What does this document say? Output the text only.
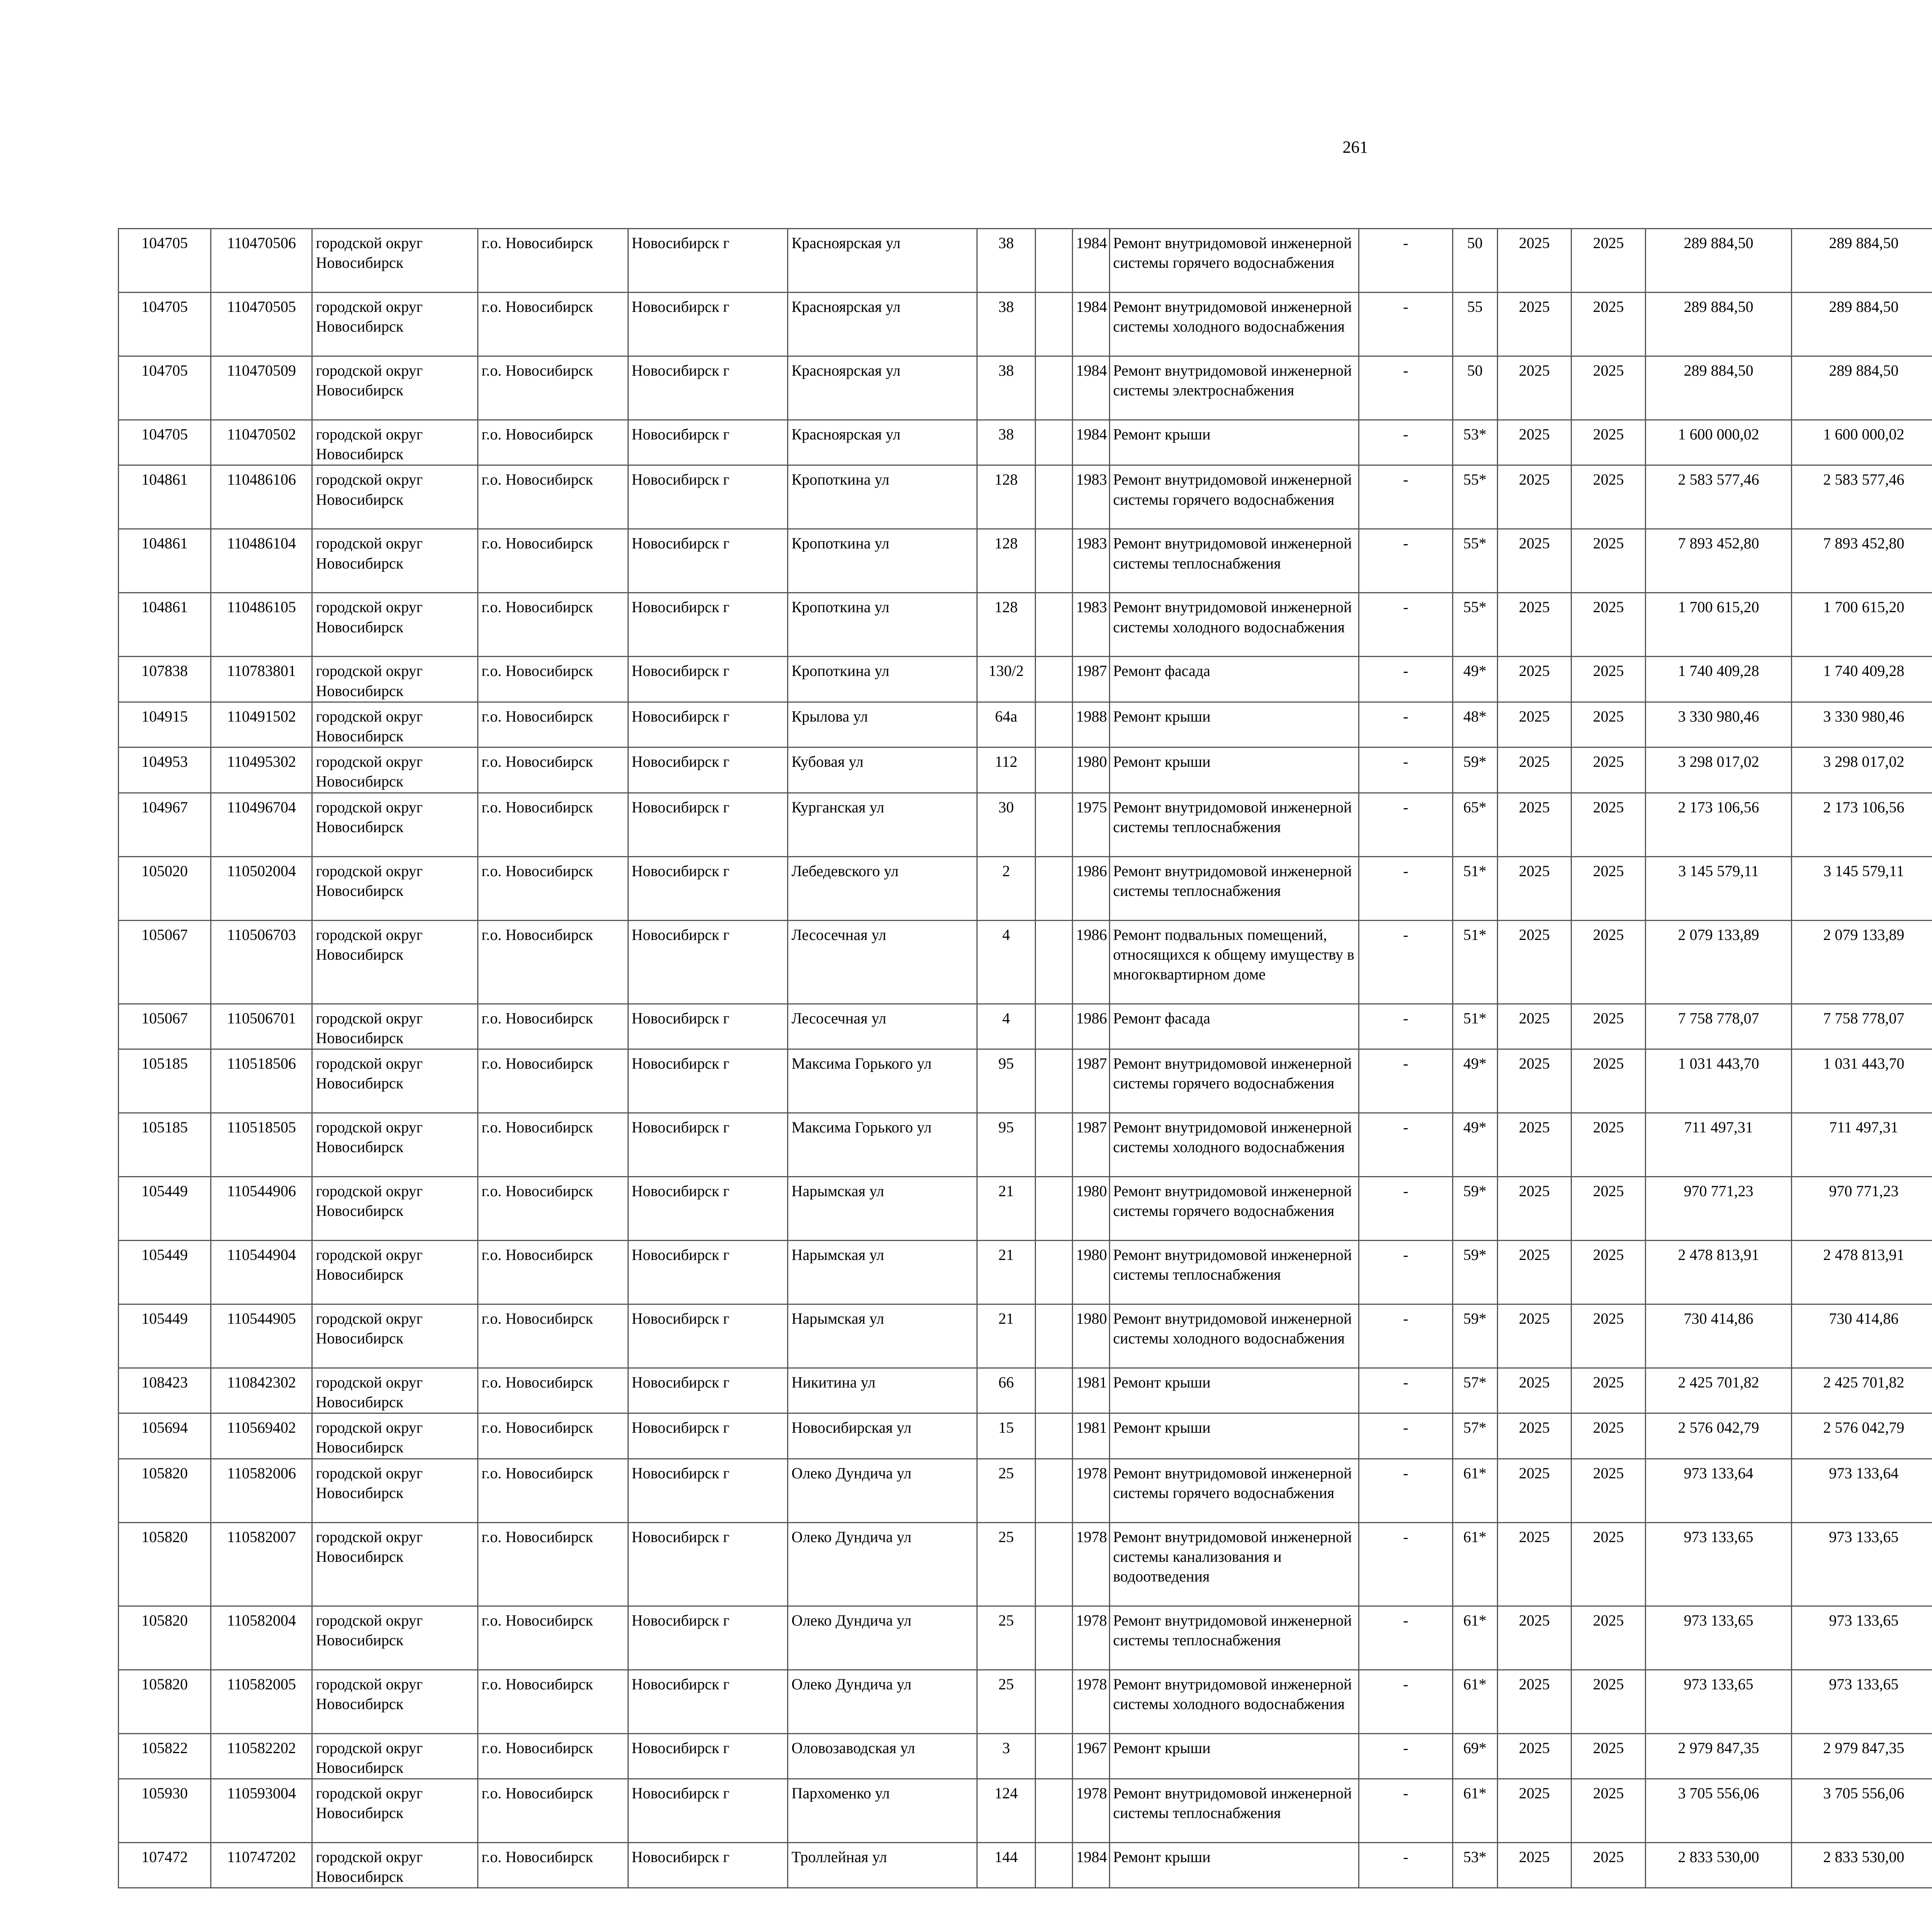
261
104705	110470506	городской округ Новосибирск	г.о. Новосибирск	Новосибирск г	Красноярская ул	38		1984	Ремонт внутридомовой инженерной системы горячего водоснабжения	-	50	2025	2025	289 884,50	289 884,50						
104705	110470505	городской округ Новосибирск	г.о. Новосибирск	Новосибирск г	Красноярская ул	38		1984	Ремонт внутридомовой инженерной системы холодного водоснабжения	-	55	2025	2025	289 884,50	289 884,50						
104705	110470509	городской округ Новосибирск	г.о. Новосибирск	Новосибирск г	Красноярская ул	38		1984	Ремонт внутридомовой инженерной системы электроснабжения	-	50	2025	2025	289 884,50	289 884,50						
104705	110470502	городской округ Новосибирск	г.о. Новосибирск	Новосибирск г	Красноярская ул	38		1984	Ремонт крыши	-	53*	2025	2025	1 600 000,02	1 600 000,02						
104861	110486106	городской округ Новосибирск	г.о. Новосибирск	Новосибирск г	Кропоткина ул	128		1983	Ремонт внутридомовой инженерной системы горячего водоснабжения	-	55*	2025	2025	2 583 577,46	2 583 577,46						
104861	110486104	городской округ Новосибирск	г.о. Новосибирск	Новосибирск г	Кропоткина ул	128		1983	Ремонт внутридомовой инженерной системы теплоснабжения	-	55*	2025	2025	7 893 452,80	7 893 452,80						
104861	110486105	городской округ Новосибирск	г.о. Новосибирск	Новосибирск г	Кропоткина ул	128		1983	Ремонт внутридомовой инженерной системы холодного водоснабжения	-	55*	2025	2025	1 700 615,20	1 700 615,20						
107838	110783801	городской округ Новосибирск	г.о. Новосибирск	Новосибирск г	Кропоткина ул	130/2		1987	Ремонт фасада	-	49*	2025	2025	1 740 409,28	1 740 409,28						
104915	110491502	городской округ Новосибирск	г.о. Новосибирск	Новосибирск г	Крылова ул	64а		1988	Ремонт крыши	-	48*	2025	2025	3 330 980,46	3 330 980,46						
104953	110495302	городской округ Новосибирск	г.о. Новосибирск	Новосибирск г	Кубовая ул	112		1980	Ремонт крыши	-	59*	2025	2025	3 298 017,02	3 298 017,02						
104967	110496704	городской округ Новосибирск	г.о. Новосибирск	Новосибирск г	Курганская ул	30		1975	Ремонт внутридомовой инженерной системы теплоснабжения	-	65*	2025	2025	2 173 106,56	2 173 106,56						
105020	110502004	городской округ Новосибирск	г.о. Новосибирск	Новосибирск г	Лебедевского ул	2		1986	Ремонт внутридомовой инженерной системы теплоснабжения	-	51*	2025	2025	3 145 579,11	3 145 579,11						
105067	110506703	городской округ Новосибирск	г.о. Новосибирск	Новосибирск г	Лесосечная ул	4		1986	Ремонт подвальных помещений, относящихся к общему имуществу в многоквартирном доме	-	51*	2025	2025	2 079 133,89	2 079 133,89						
105067	110506701	городской округ Новосибирск	г.о. Новосибирск	Новосибирск г	Лесосечная ул	4		1986	Ремонт фасада	-	51*	2025	2025	7 758 778,07	7 758 778,07						
105185	110518506	городской округ Новосибирск	г.о. Новосибирск	Новосибирск г	Максима Горького ул	95		1987	Ремонт внутридомовой инженерной системы горячего водоснабжения	-	49*	2025	2025	1 031 443,70	1 031 443,70						
105185	110518505	городской округ Новосибирск	г.о. Новосибирск	Новосибирск г	Максима Горького ул	95		1987	Ремонт внутридомовой инженерной системы холодного водоснабжения	-	49*	2025	2025	711 497,31	711 497,31						
105449	110544906	городской округ Новосибирск	г.о. Новосибирск	Новосибирск г	Нарымская ул	21		1980	Ремонт внутридомовой инженерной системы горячего водоснабжения	-	59*	2025	2025	970 771,23	970 771,23						
105449	110544904	городской округ Новосибирск	г.о. Новосибирск	Новосибирск г	Нарымская ул	21		1980	Ремонт внутридомовой инженерной системы теплоснабжения	-	59*	2025	2025	2 478 813,91	2 478 813,91						
105449	110544905	городской округ Новосибирск	г.о. Новосибирск	Новосибирск г	Нарымская ул	21		1980	Ремонт внутридомовой инженерной системы холодного водоснабжения	-	59*	2025	2025	730 414,86	730 414,86						
108423	110842302	городской округ Новосибирск	г.о. Новосибирск	Новосибирск г	Никитина ул	66		1981	Ремонт крыши	-	57*	2025	2025	2 425 701,82	2 425 701,82						
105694	110569402	городской округ Новосибирск	г.о. Новосибирск	Новосибирск г	Новосибирская ул	15		1981	Ремонт крыши	-	57*	2025	2025	2 576 042,79	2 576 042,79						
105820	110582006	городской округ Новосибирск	г.о. Новосибирск	Новосибирск г	Олеко Дундича ул	25		1978	Ремонт внутридомовой инженерной системы горячего водоснабжения	-	61*	2025	2025	973 133,64	973 133,64						
105820	110582007	городской округ Новосибирск	г.о. Новосибирск	Новосибирск г	Олеко Дундича ул	25		1978	Ремонт внутридомовой инженерной системы канализования и водоотведения	-	61*	2025	2025	973 133,65	973 133,65						
105820	110582004	городской округ Новосибирск	г.о. Новосибирск	Новосибирск г	Олеко Дундича ул	25		1978	Ремонт внутридомовой инженерной системы теплоснабжения	-	61*	2025	2025	973 133,65	973 133,65						
105820	110582005	городской округ Новосибирск	г.о. Новосибирск	Новосибирск г	Олеко Дундича ул	25		1978	Ремонт внутридомовой инженерной системы холодного водоснабжения	-	61*	2025	2025	973 133,65	973 133,65						
105822	110582202	городской округ Новосибирск	г.о. Новосибирск	Новосибирск г	Оловозаводская ул	3		1967	Ремонт крыши	-	69*	2025	2025	2 979 847,35	2 979 847,35						
105930	110593004	городской округ Новосибирск	г.о. Новосибирск	Новосибирск г	Пархоменко ул	124		1978	Ремонт внутридомовой инженерной системы теплоснабжения	-	61*	2025	2025	3 705 556,06	3 705 556,06						
107472	110747202	городской округ Новосибирск	г.о. Новосибирск	Новосибирск г	Троллейная ул	144		1984	Ремонт крыши	-	53*	2025	2025	2 833 530,00	2 833 530,00						
